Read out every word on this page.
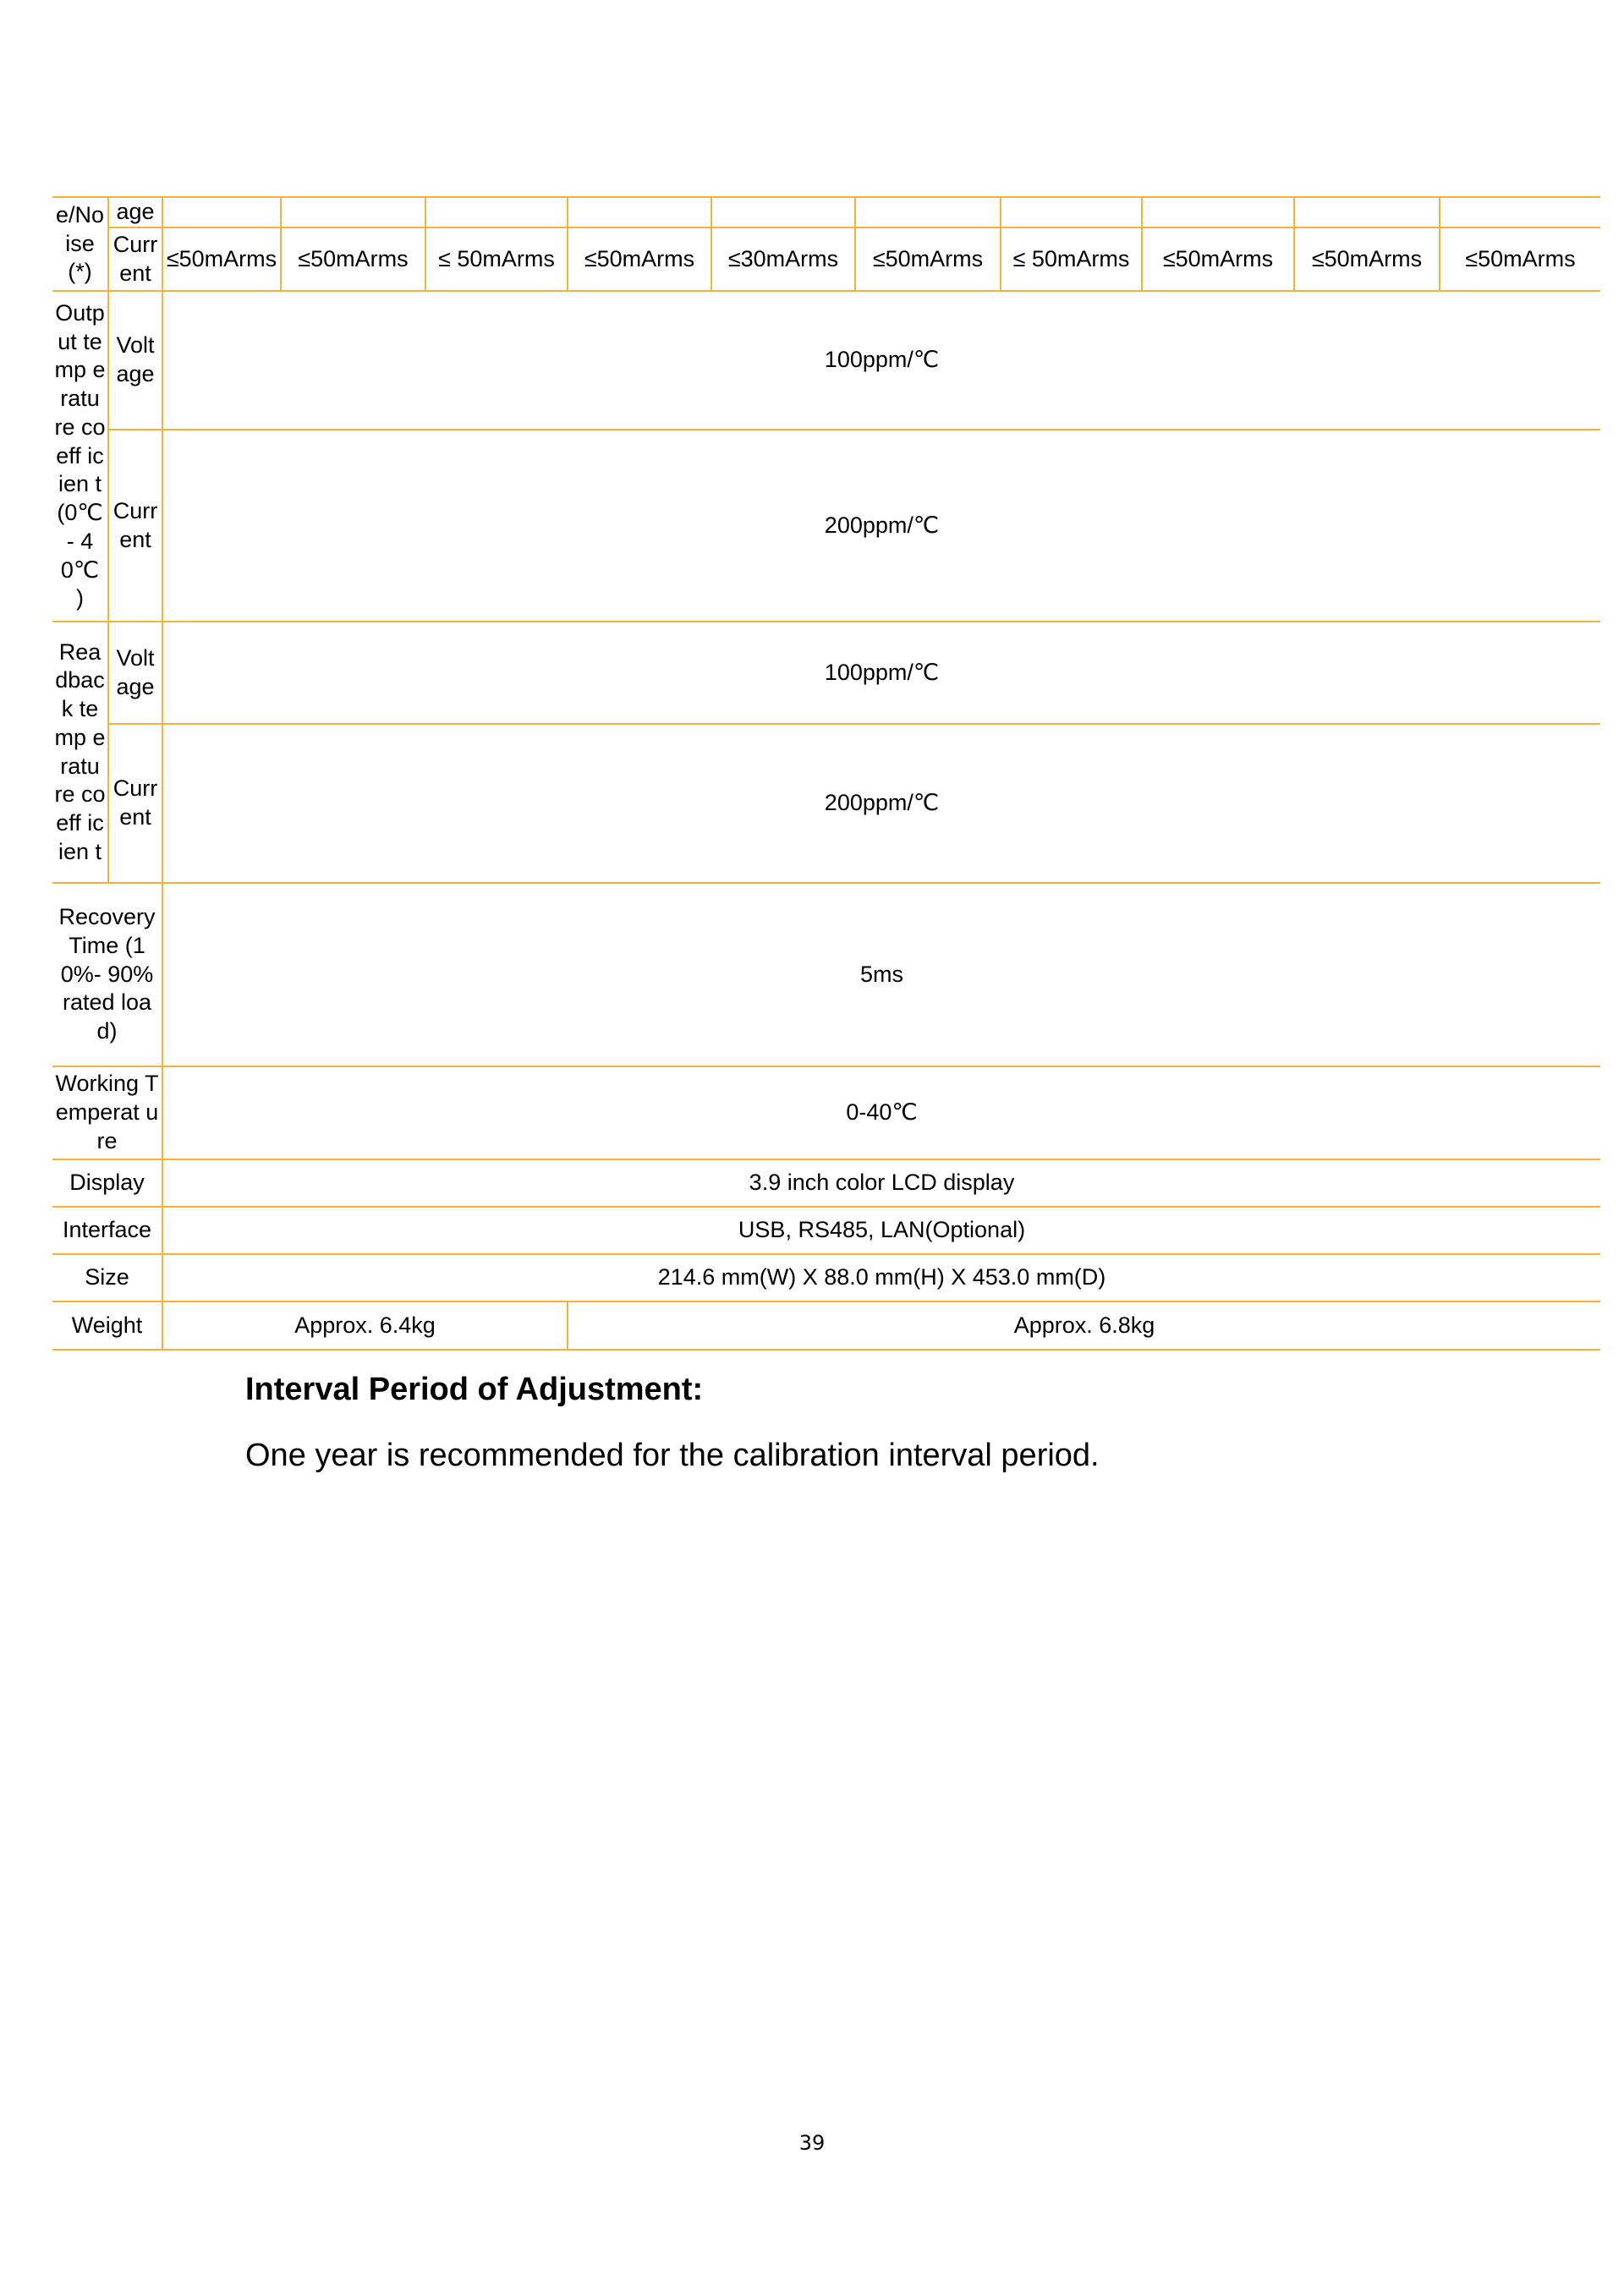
e/No ise (*)	age										
	Curr ent	≤50mArms	≤50mArms	≤ 50mArms	≤50mArms	≤30mArms	≤50mArms	≤ 50mArms	≤50mArms	≤50mArms	≤50mArms
Outp ut temp eratu re coeff icien t (0℃- 40℃ )	Volt age	100ppm/℃									
	Curr ent	200ppm/℃									
Rea dbac k temp eratu re coeff icien t	Volt age	100ppm/℃									
	Curr ent	200ppm/℃									
Recovery Time (10%- 90% rated load)		5ms									
Working Temperat ure		0-40℃									
Display		3.9 inch color LCD display									
Interface		USB, RS485, LAN(Optional)									
Size		214.6 mm(W) X 88.0 mm(H) X 453.0 mm(D)									
Weight		Approx. 6.4kg			Approx. 6.8kg						
Interval Period of Adjustment:

One year is recommended for the calibration interval period.

39
